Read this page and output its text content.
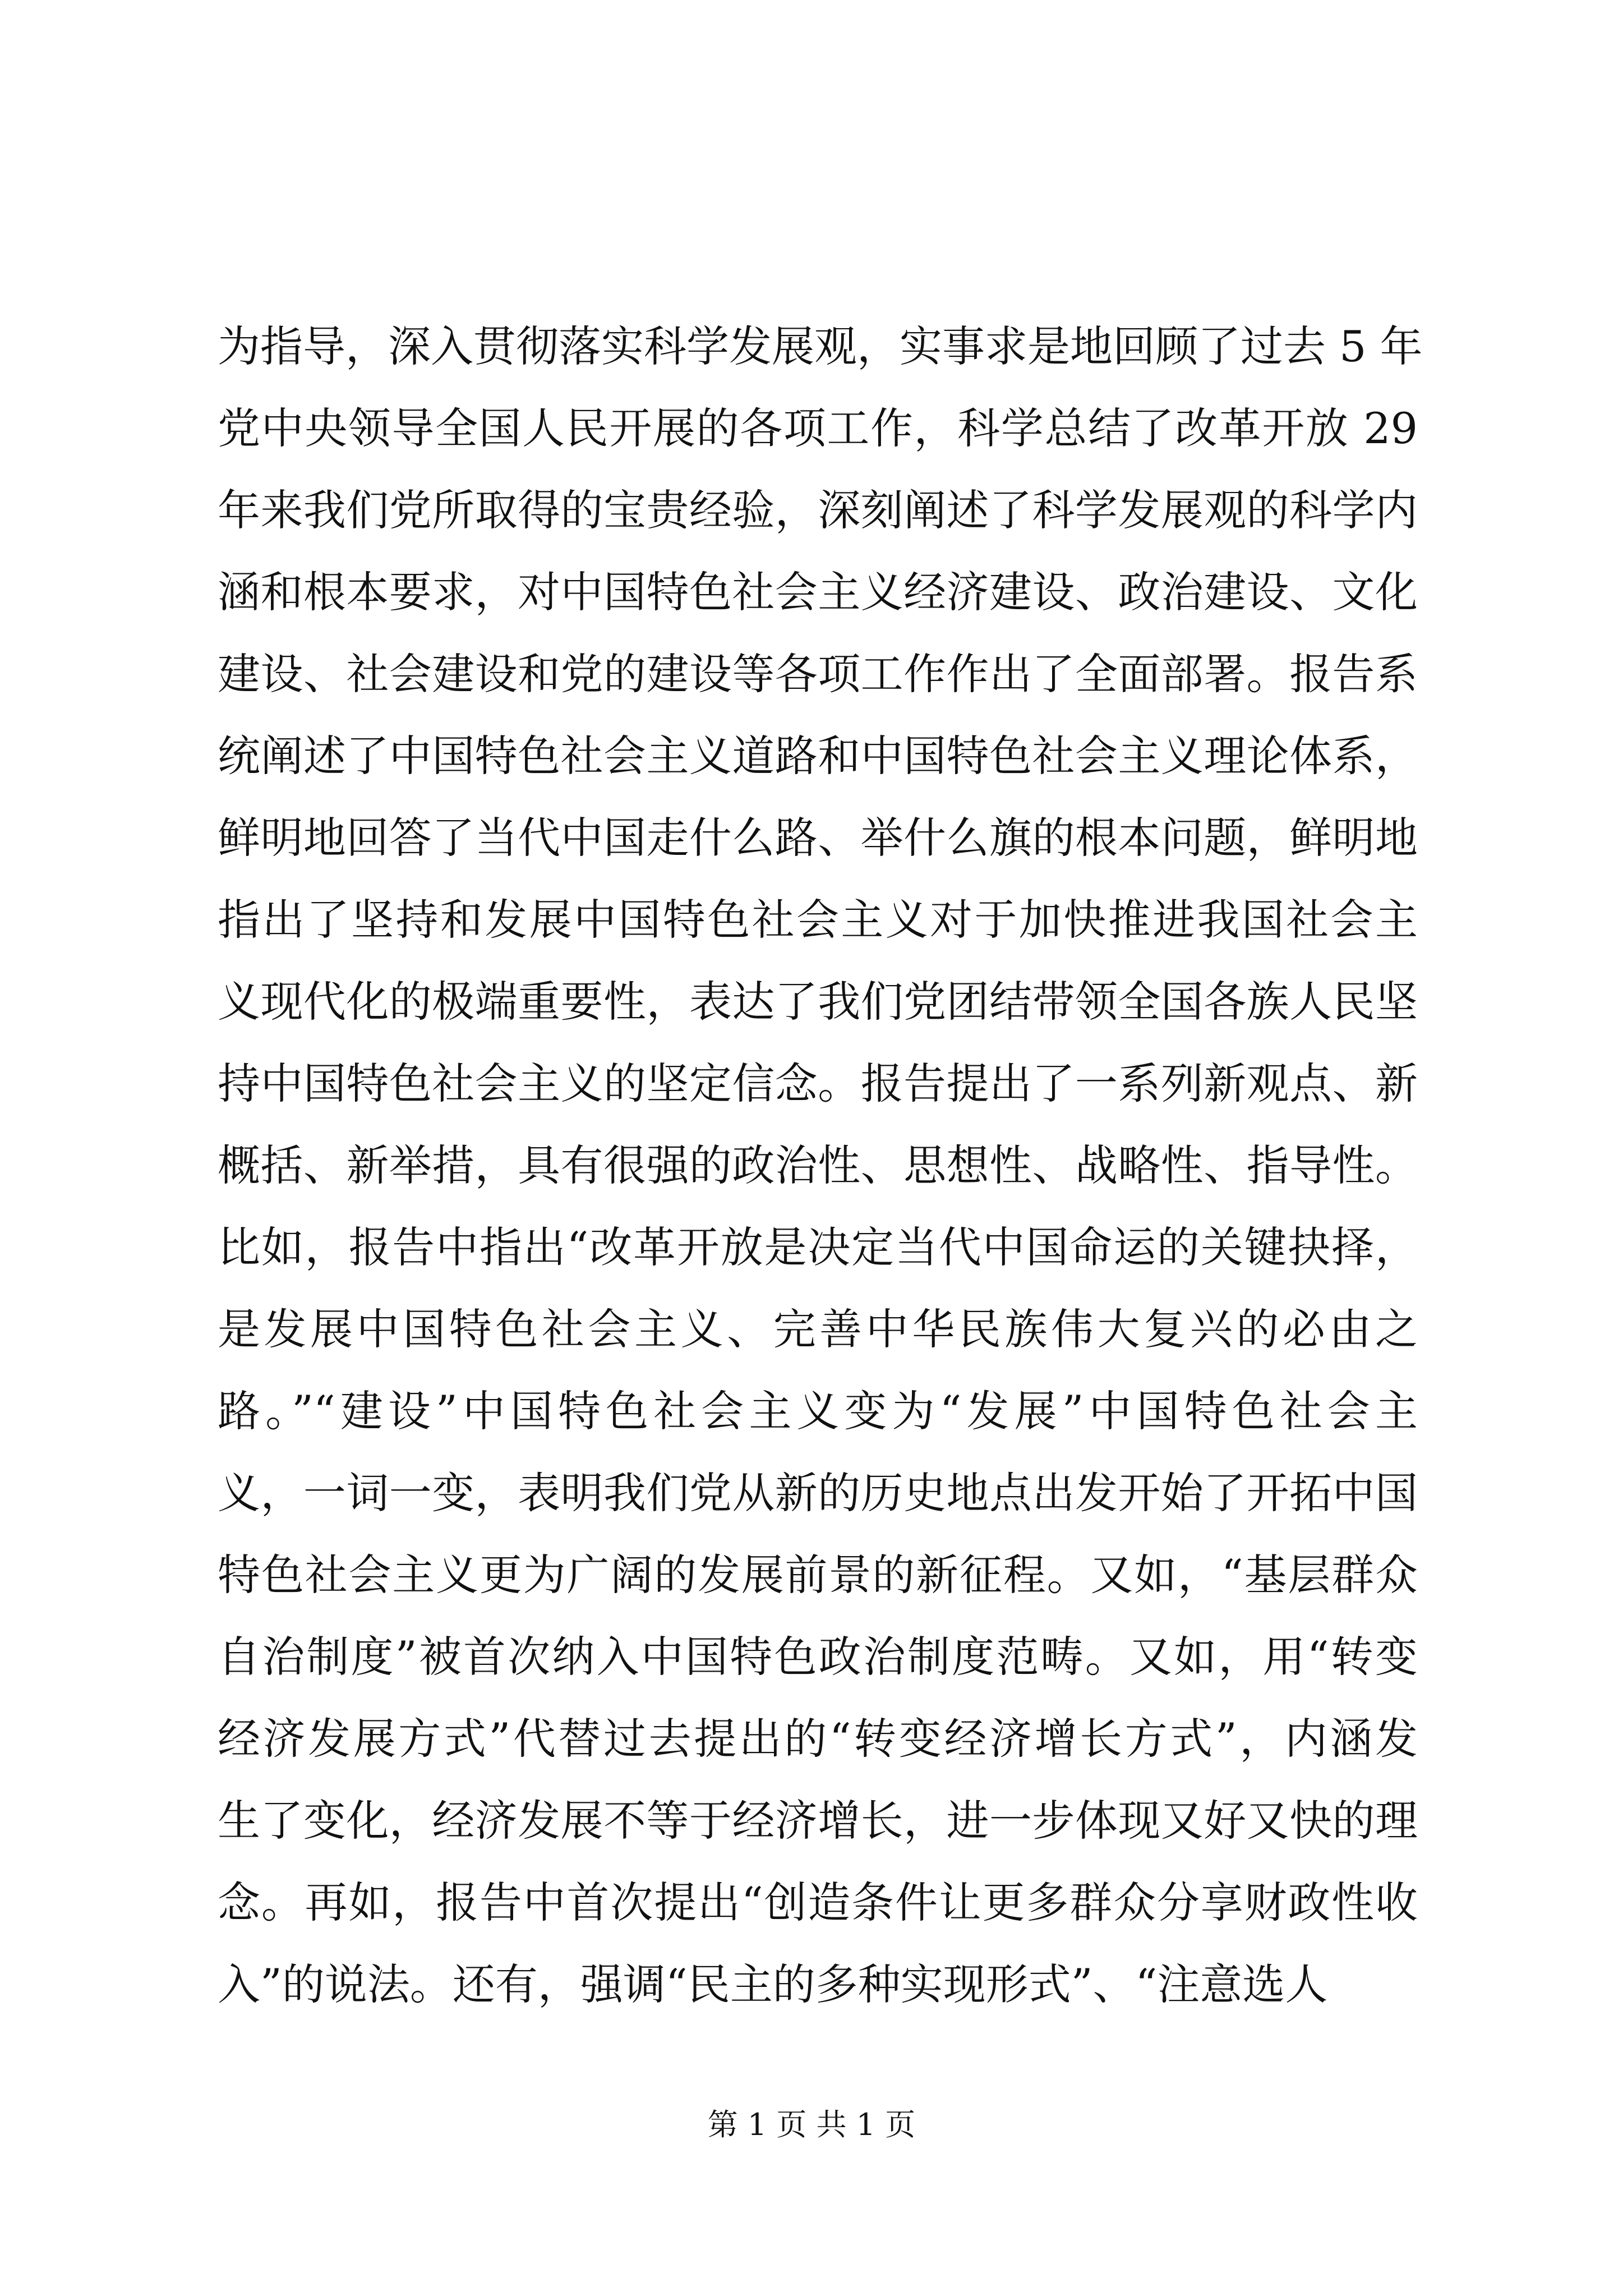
为指导，深入贯彻落实科学发展观，实事求是地回顾了过去 5 年
党中央领导全国人民开展的各项工作，科学总结了改革开放 29
年来我们党所取得的宝贵经验，深刻阐述了科学发展观的科学内
涵和根本要求，对中国特色社会主义经济建设、政治建设、文化
建设、社会建设和党的建设等各项工作作出了全面部署。报告系
统阐述了中国特色社会主义道路和中国特色社会主义理论体系，
鲜明地回答了当代中国走什么路、举什么旗的根本问题，鲜明地
指出了坚持和发展中国特色社会主义对于加快推进我国社会主
义现代化的极端重要性，表达了我们党团结带领全国各族人民坚
持中国特色社会主义的坚定信念。报告提出了一系列新观点、新
概括、新举措，具有很强的政治性、思想性、战略性、指导性。
比如，报告中指出“改革开放是决定当代中国命运的关键抉择，
是发展中国特色社会主义、完善中华民族伟大复兴的必由之
路。”“建设”中国特色社会主义变为“发展”中国特色社会主
义，一词一变，表明我们党从新的历史地点出发开始了开拓中国
特色社会主义更为广阔的发展前景的新征程。又如，“基层群众
自治制度”被首次纳入中国特色政治制度范畴。又如，用“转变
经济发展方式”代替过去提出的“转变经济增长方式”，内涵发
生了变化，经济发展不等于经济增长，进一步体现又好又快的理
念。再如，报告中首次提出“创造条件让更多群众分享财政性收
入”的说法。还有，强调“民主的多种实现形式”、“注意选人
第 1 页 共 1 页
